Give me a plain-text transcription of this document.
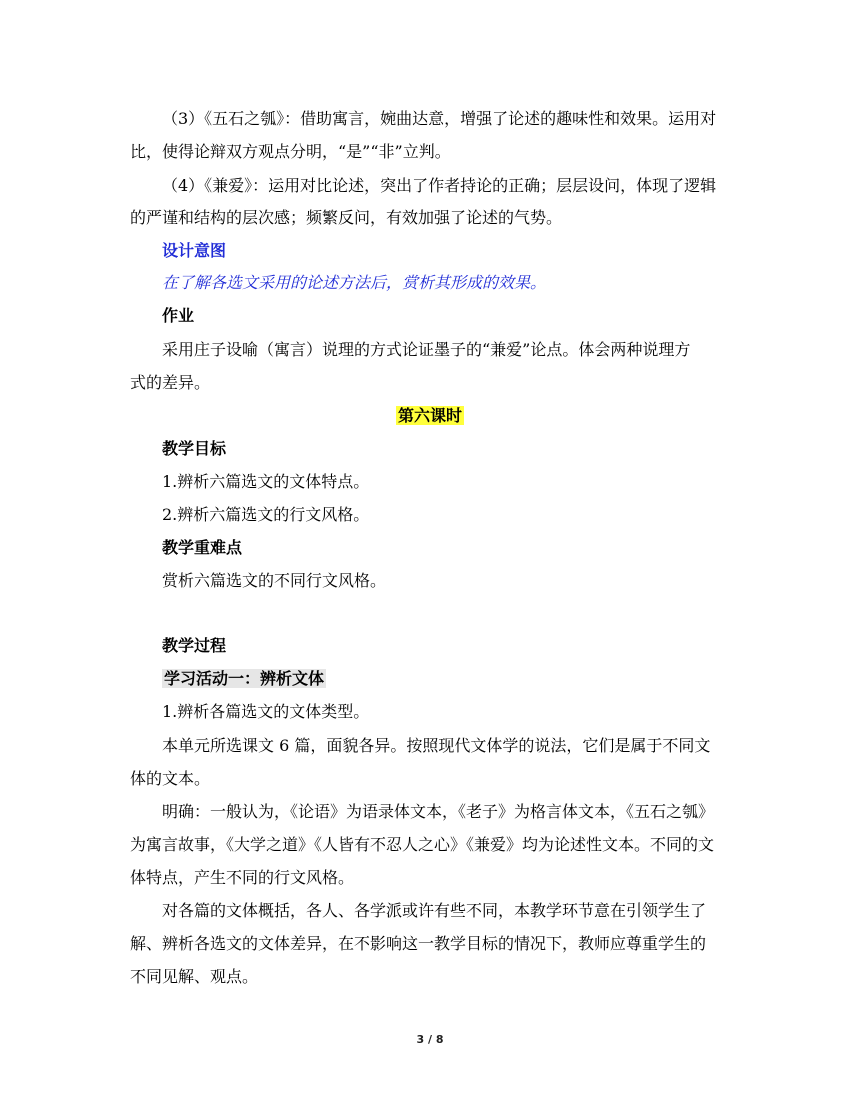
（3）《五石之瓠》：借助寓言，婉曲达意，增强了论述的趣味性和效果。运用对
比，使得论辩双方观点分明，“是”“非”立判。
（4）《兼爱》：运用对比论述，突出了作者持论的正确；层层设问，体现了逻辑
的严谨和结构的层次感；频繁反问，有效加强了论述的气势。
设计意图
在了解各选文采用的论述方法后，赏析其形成的效果。
作业
采用庄子设喻（寓言）说理的方式论证墨子的“兼爱”论点。体会两种说理方
式的差异。
第六课时
教学目标
1.辨析六篇选文的文体特点。
2.辨析六篇选文的行文风格。
教学重难点
赏析六篇选文的不同行文风格。
教学过程
学习活动一：辨析文体
1.辨析各篇选文的文体类型。
本单元所选课文 6 篇，面貌各异。按照现代文体学的说法，它们是属于不同文
体的文本。
明确：一般认为，《论语》为语录体文本，《老子》为格言体文本，《五石之瓠》
为寓言故事，《大学之道》《人皆有不忍人之心》《兼爱》均为论述性文本。不同的文
体特点，产生不同的行文风格。
对各篇的文体概括，各人、各学派或许有些不同，本教学环节意在引领学生了
解、辨析各选文的文体差异，在不影响这一教学目标的情况下，教师应尊重学生的
不同见解、观点。
3 / 8
